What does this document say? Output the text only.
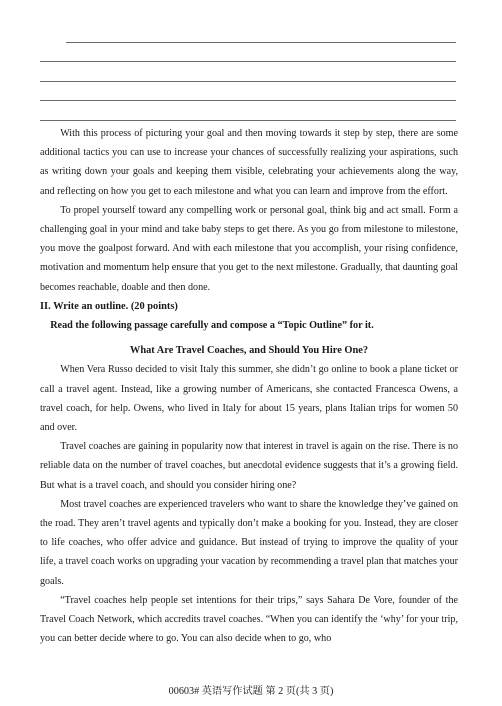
With this process of picturing your goal and then moving towards it step by step, there are some additional tactics you can use to increase your chances of successfully realizing your aspirations, such as writing down your goals and keeping them visible, celebrating your achievements along the way, and reflecting on how you get to each milestone and what you can learn and improve from the effort.

To propel yourself toward any compelling work or personal goal, think big and act small. Form a challenging goal in your mind and take baby steps to get there. As you go from milestone to milestone, you move the goalpost forward. And with each milestone that you accomplish, your rising confidence, motivation and momentum help ensure that you get to the next milestone. Gradually, that daunting goal becomes reachable, doable and then done.

II. Write an outline. (20 points)

Read the following passage carefully and compose a “Topic Outline” for it.

What Are Travel Coaches, and Should You Hire One?

When Vera Russo decided to visit Italy this summer, she didn’t go online to book a plane ticket or call a travel agent. Instead, like a growing number of Americans, she contacted Francesca Owens, a travel coach, for help. Owens, who lived in Italy for about 15 years, plans Italian trips for women 50 and over.

Travel coaches are gaining in popularity now that interest in travel is again on the rise. There is no reliable data on the number of travel coaches, but anecdotal evidence suggests that it’s a growing field. But what is a travel coach, and should you consider hiring one?

Most travel coaches are experienced travelers who want to share the knowledge they’ve gained on the road. They aren’t travel agents and typically don’t make a booking for you. Instead, they are closer to life coaches, who offer advice and guidance. But instead of trying to improve the quality of your life, a travel coach works on upgrading your vacation by recommending a travel plan that matches your goals.

“Travel coaches help people set intentions for their trips,” says Sahara De Vore, founder of the Travel Coach Network, which accredits travel coaches. “When you can identify the ‘why’ for your trip, you can better decide where to go. You can also decide when to go, who

00603# 英语写作试题 第 2 页(共 3 页)
